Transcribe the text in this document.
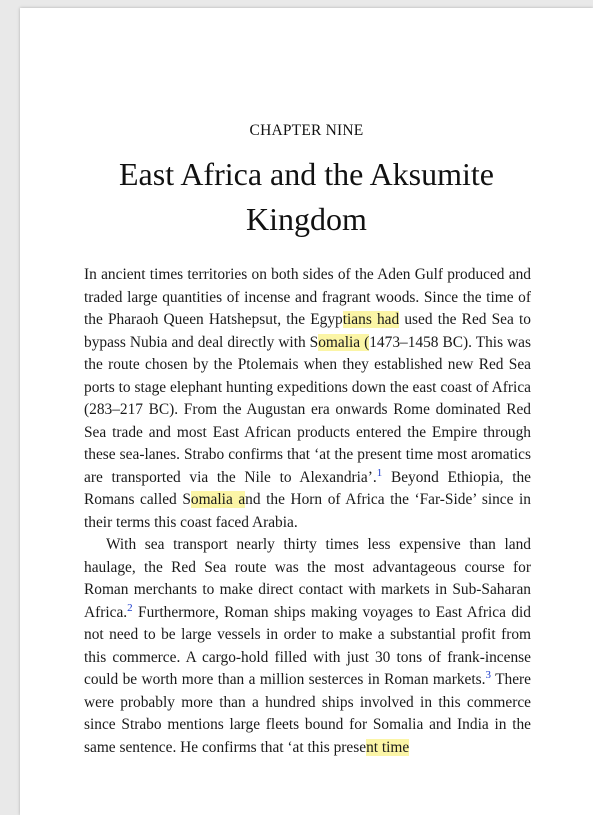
CHAPTER NINE
East Africa and the Aksumite Kingdom

In ancient times territories on both sides of the Aden Gulf produced and traded large quantities of incense and fragrant woods. Since the time of the Pharaoh Queen Hatshepsut, the Egyptians had used the Red Sea to bypass Nubia and deal directly with Somalia (1473–1458 BC). This was the route chosen by the Ptolemais when they established new Red Sea ports to stage elephant hunting expeditions down the east coast of Africa (283–217 BC). From the Augustan era onwards Rome dominated Red Sea trade and most East African products entered the Empire through these sea-lanes. Strabo confirms that ‘at the present time most aromatics are transported via the Nile to Alexandria’.$^1$ Beyond Ethiopia, the Romans called Somalia and the Horn of Africa the ‘Far-Side’ since in their terms this coast faced Arabia.

With sea transport nearly thirty times less expensive than land haulage, the Red Sea route was the most advantageous course for Roman merchants to make direct contact with markets in Sub-Saharan Africa.$^2$ Furthermore, Roman ships making voyages to East Africa did not need to be large vessels in order to make a substantial profit from this commerce. A cargo-hold filled with just 30 tons of frank-incense could be worth more than a million sesterces in Roman markets.$^3$ There were probably more than a hundred ships involved in this commerce since Strabo mentions large fleets bound for Somalia and India in the same sentence. He confirms that ‘at this present time
